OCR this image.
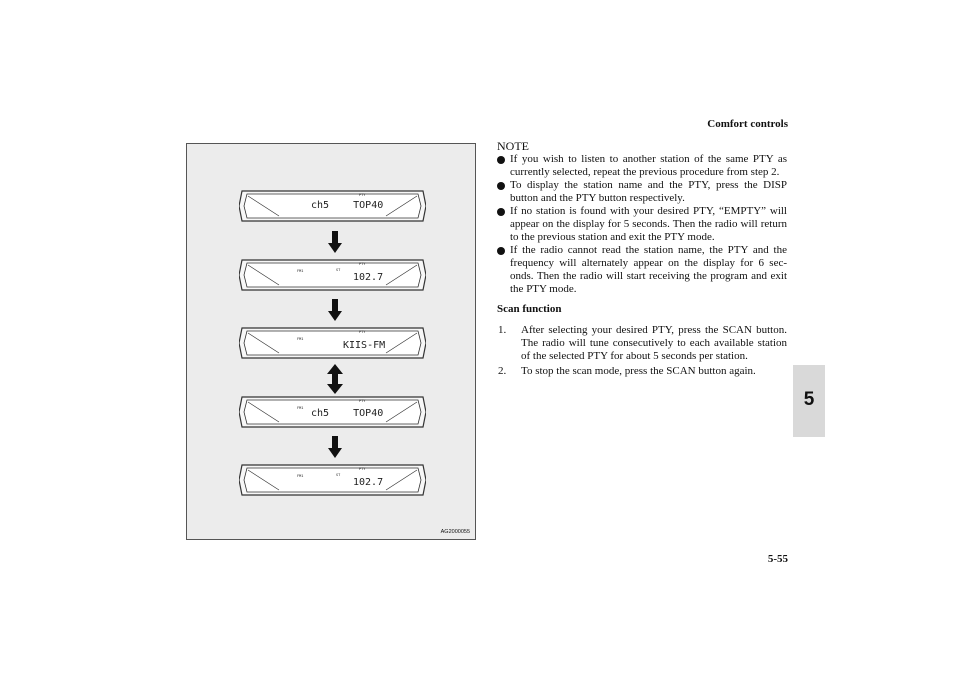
Comfort controls
5
PTY
ch5    TOP40
FM1	ST
PTY
102.7
FM1
PTY
KIIS-FM
FM1
PTY
ch5    TOP40
FM1	ST
PTY
102.7
AG2000055
NOTE
If you wish to listen to another station of the same PTY as currently selected, repeat the previous procedure from step 2.
To display the station name and the PTY, press the DISP button and the PTY button respectively.
If no station is found with your desired PTY, “EMPTY” will appear on the display for 5 seconds. Then the radio will return to the previous station and exit the PTY mode.
If the radio cannot read the station name, the PTY and the frequency will alternately appear on the display for 6 sec-onds. Then the radio will start receiving the program and exit the PTY mode.
Scan function
1. After selecting your desired PTY, press the SCAN button. The radio will tune consecutively to each available station of the selected PTY for about 5 seconds per station.
2. To stop the scan mode, press the SCAN button again.
5-55
